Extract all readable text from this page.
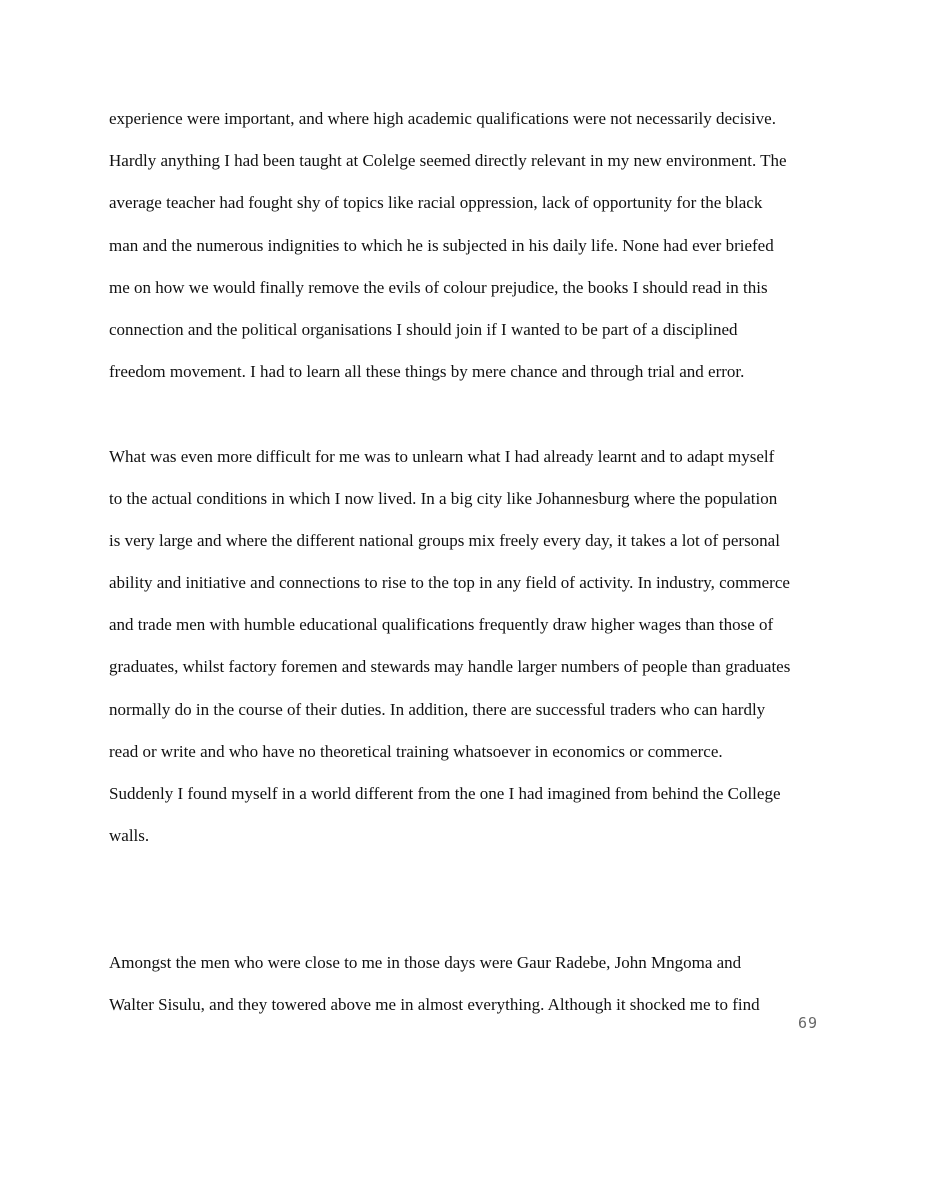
experience were important, and where high academic qualifications were not necessarily decisive.
Hardly anything I had been taught at Colelge seemed directly relevant in my new environment. The
average teacher had fought shy of topics like racial oppression, lack of opportunity for the black
man and the numerous indignities to which he is subjected in his daily life. None had ever briefed
me on how we would finally remove the evils of colour prejudice, the books I should read in this
connection and the political organisations I should join if I wanted to be part of a disciplined
freedom movement. I had to learn all these things by mere chance and through trial and error.

What was even more difficult for me was to unlearn what I had already learnt and to adapt myself
to the actual conditions in which I now lived. In a big city like Johannesburg where the population
is very large and where the different national groups mix freely every day, it takes a lot of personal
ability and initiative and connections to rise to the top in any field of activity. In industry, commerce
and trade men with humble educational qualifications frequently draw higher wages than those of
graduates, whilst factory foremen and stewards may handle larger numbers of people than graduates
normally do in the course of their duties. In addition, there are successful traders who can hardly
read or write and who have no theoretical training whatsoever in economics or commerce.
Suddenly I found myself in a world different from the one I had imagined from behind the College
walls.

Amongst the men who were close to me in those days were Gaur Radebe, John Mngoma and
Walter Sisulu, and they towered above me in almost everything. Although it shocked me to find

69
